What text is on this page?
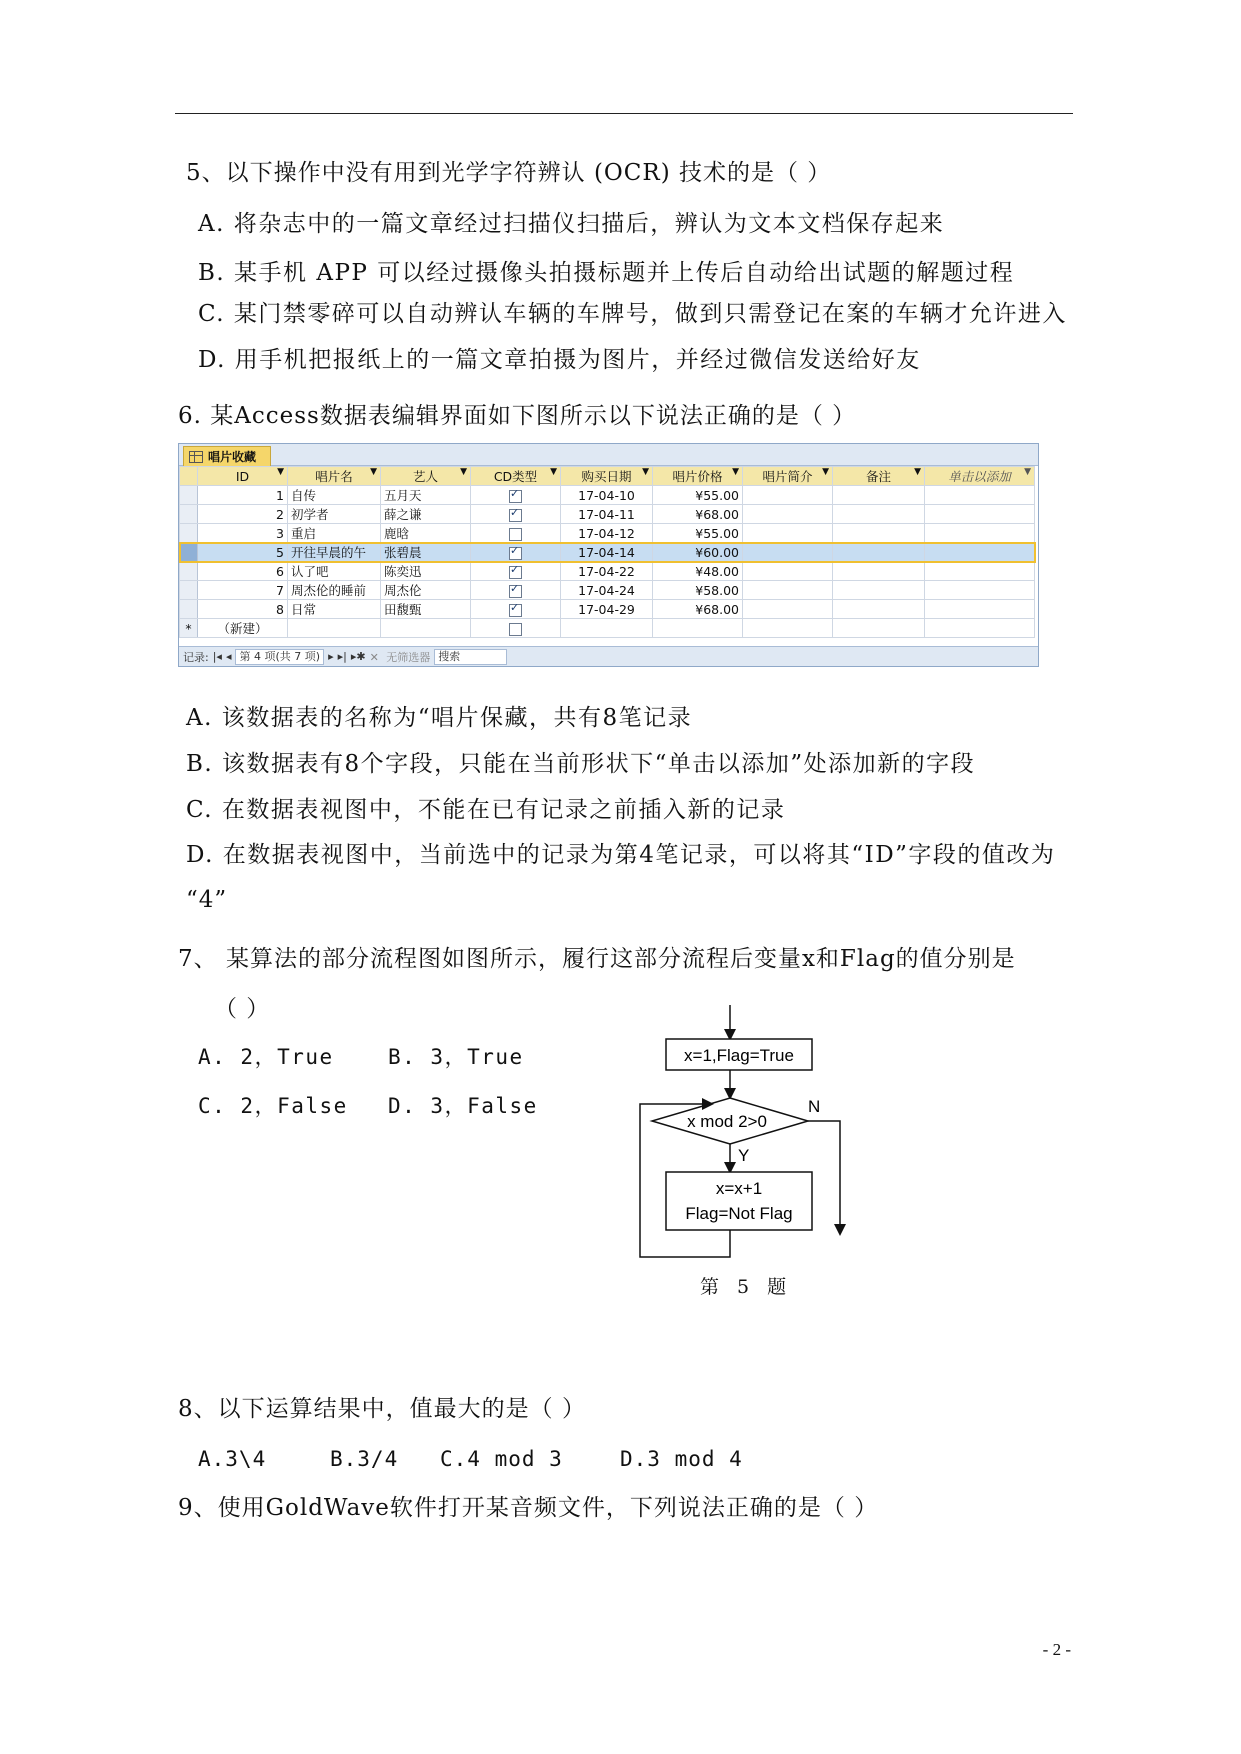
5、以下操作中没有用到光学字符辨认 (OCR) 技术的是（ ）
A. 将杂志中的一篇文章经过扫描仪扫描后，辨认为文本文档保存起来
B. 某手机 APP 可以经过摄像头拍摄标题并上传后自动给出试题的解题过程
C. 某门禁零碎可以自动辨认车辆的车牌号，做到只需登记在案的车辆才允许进入
D. 用手机把报纸上的一篇文章拍摄为图片，并经过微信发送给好友
6. 某Access数据表编辑界面如下图所示以下说法正确的是（ ）
唱片收藏
	ID ▼	唱片名 ▼	艺人 ▼	CD类型 ▼	购买日期 ▼	唱片价格 ▼	唱片简介 ▼	备注 ▼	单击以添加 ▼

	1	自传	五月天	✓	17-04-10	¥55.00			
	2	初学者	薛之谦	✓	17-04-11	¥68.00			
	3	重启	鹿晗		17-04-12	¥55.00			
	5	开往早晨的午	张碧晨	✓	17-04-14	¥60.00			
	6	认了吧	陈奕迅	✓	17-04-22	¥48.00			
	7	周杰伦的睡前	周杰伦	✓	17-04-24	¥58.00			
	8	日常	田馥甄	✓	17-04-29	¥68.00			
*	（新建）								
记录: |◂ ◂ 第 4 项(共 7 项) ▸ ▸| ▸✱ ✕ 无筛选器 搜索
A. 该数据表的名称为“唱片保藏，共有8笔记录
B. 该数据表有8个字段，只能在当前形状下“单击以添加”处添加新的字段
C. 在数据表视图中，不能在已有记录之前插入新的记录
D. 在数据表视图中，当前选中的记录为第4笔记录，可以将其“ID”字段的值改为
“4”
7、 某算法的部分流程图如图所示，履行这部分流程后变量x和Flag的值分别是
（ ）
A. 2，True	B. 3，True
C. 2，False D. 3，False
x=1,Flag=True
x mod 2>0
N
Y
x=x+1
Flag=Not Flag
第 5 题
8、以下运算结果中，值最大的是（ ）
A.3\4	B.3/4 C.4 mod 3	D.3 mod 4
9、使用GoldWave软件打开某音频文件，下列说法正确的是（ ）
- 2 -
